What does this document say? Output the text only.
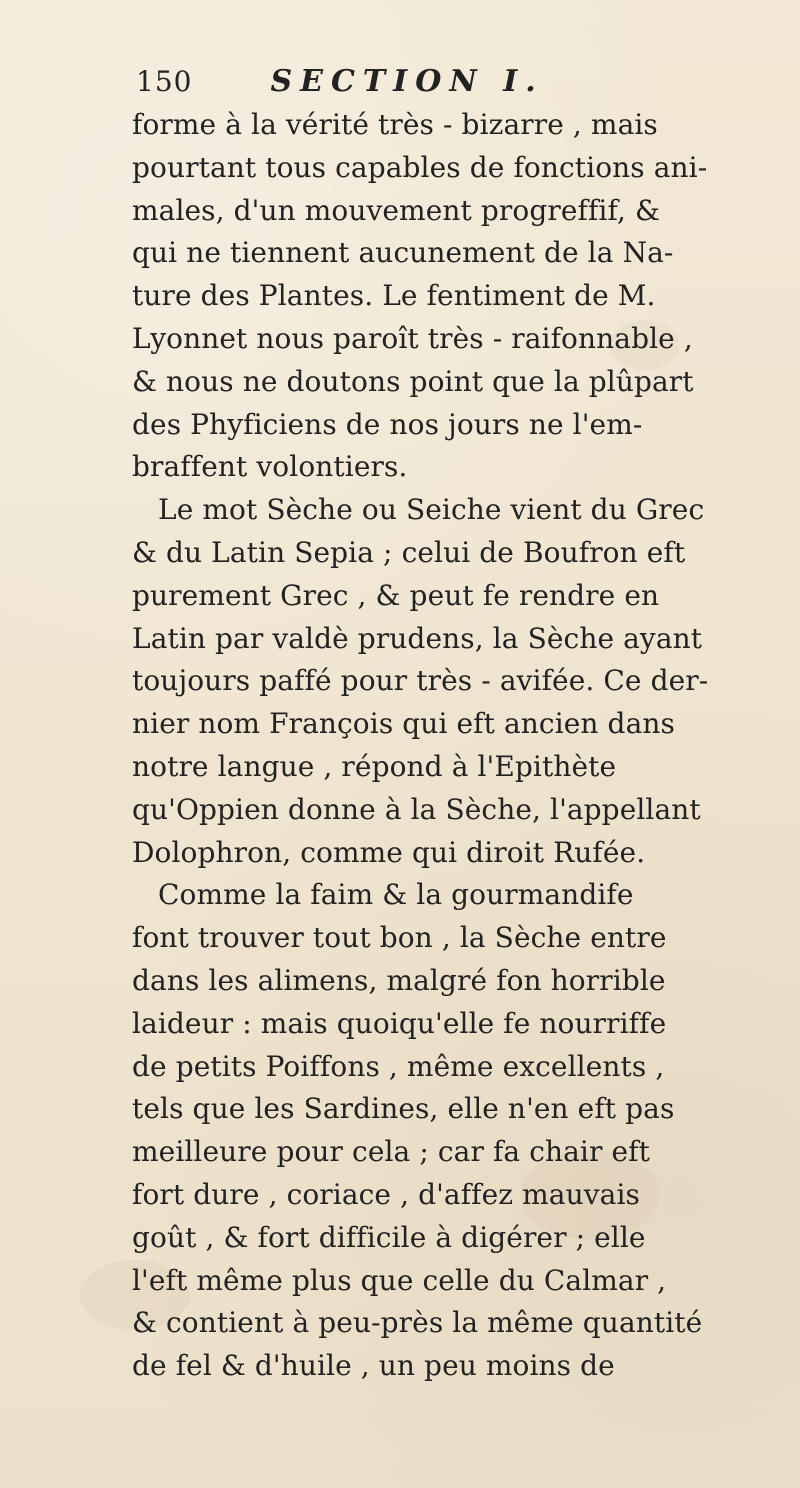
150	SECTION I.
forme à la vérité très - bizarre , mais
pourtant tous capables de fonctions ani-
males, d'un mouvement progreffif, &
qui ne tiennent aucunement de la Na-
ture des Plantes. Le fentiment de M.
Lyonnet nous paroît très - raifonnable ,
& nous ne doutons point que la plûpart
des Phyficiens de nos jours ne l'em-
braffent volontiers.
Le mot Sèche ou Seiche vient du Grec
& du Latin Sepia ; celui de Boufron eft
purement Grec , & peut fe rendre en
Latin par valdè prudens, la Sèche ayant
toujours paffé pour très - avifée. Ce der-
nier nom François qui eft ancien dans
notre langue , répond à l'Epithète
qu'Oppien donne à la Sèche, l'appellant
Dolophron, comme qui diroit Rufée.
Comme la faim & la gourmandife
font trouver tout bon , la Sèche entre
dans les alimens, malgré fon horrible
laideur : mais quoiqu'elle fe nourriffe
de petits Poiffons , même excellents ,
tels que les Sardines, elle n'en eft pas
meilleure pour cela ; car fa chair eft
fort dure , coriace , d'affez mauvais
goût , & fort difficile à digérer ; elle
l'eft même plus que celle du Calmar ,
& contient à peu-près la même quantité
de fel & d'huile , un peu moins de
